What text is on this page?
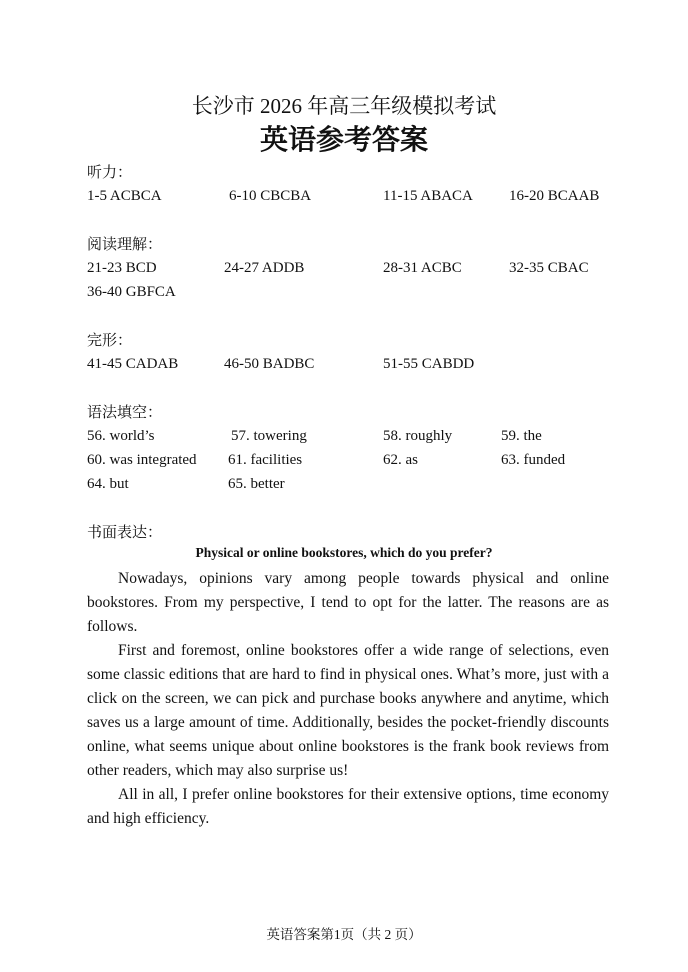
长沙市 2026 年高三年级模拟考试
英语参考答案
听力：
1-5 ACBCA	6-10 CBCBA	11-15 ABACA 16-20 BCAAB
阅读理解：
21-23 BCD	24-27 ADDB	28-31 ACBC	32-35 CBAC
36-40 GBFCA
完形：
41-45 CADAB	46-50 BADBC	51-55 CABDD
语法填空：
56. world’s	57. towering	58. roughly	59. the
60. was integrated 61. facilities	62. as	63. funded
64. but	65. better
书面表达：
Physical or online bookstores, which do you prefer?

Nowadays, opinions vary among people towards physical and online bookstores. From my perspective, I tend to opt for the latter. The reasons are as follows.

First and foremost, online bookstores offer a wide range of selections, even some classic editions that are hard to find in physical ones. What’s more, just with a click on the screen, we can pick and purchase books anywhere and anytime, which saves us a large amount of time. Additionally, besides the pocket-friendly discounts online, what seems unique about online bookstores is the frank book reviews from other readers, which may also surprise us!

All in all, I prefer online bookstores for their extensive options, time economy and high efficiency.

英语答案第1页（共 2 页）
